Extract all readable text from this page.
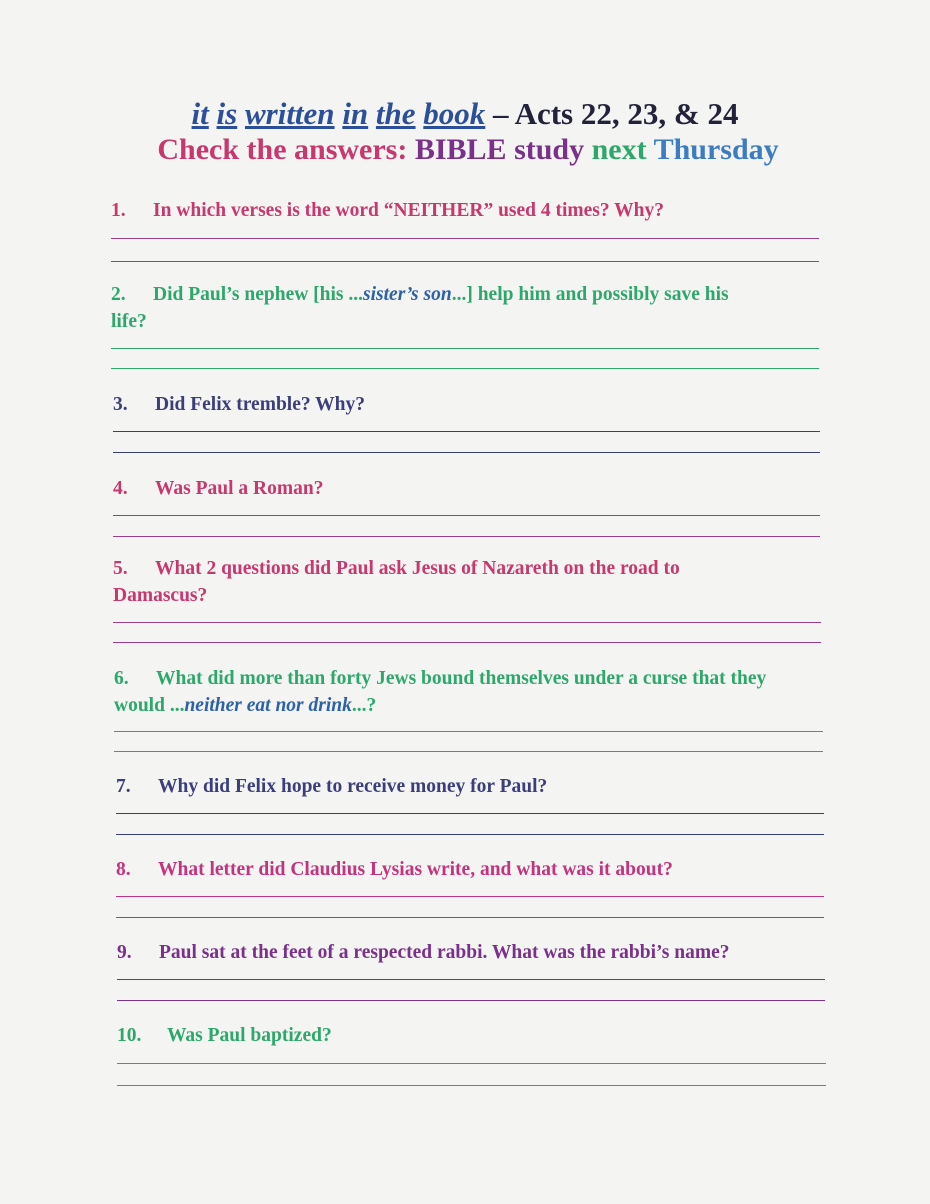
it is written in the book – Acts 22, 23, & 24
Check the answers: BIBLE study next Thursday
1. In which verses is the word “NEITHER” used 4 times? Why?
2. Did Paul’s nephew [his ...sister’s son...] help him and possibly save his
life?
3. Did Felix tremble? Why?
4. Was Paul a Roman?
5. What 2 questions did Paul ask Jesus of Nazareth on the road to
Damascus?
6. What did more than forty Jews bound themselves under a curse that they
would ...neither eat nor drink...?
7. Why did Felix hope to receive money for Paul?
8. What letter did Claudius Lysias write, and what was it about?
9. Paul sat at the feet of a respected rabbi. What was the rabbi’s name?
10. Was Paul baptized?
